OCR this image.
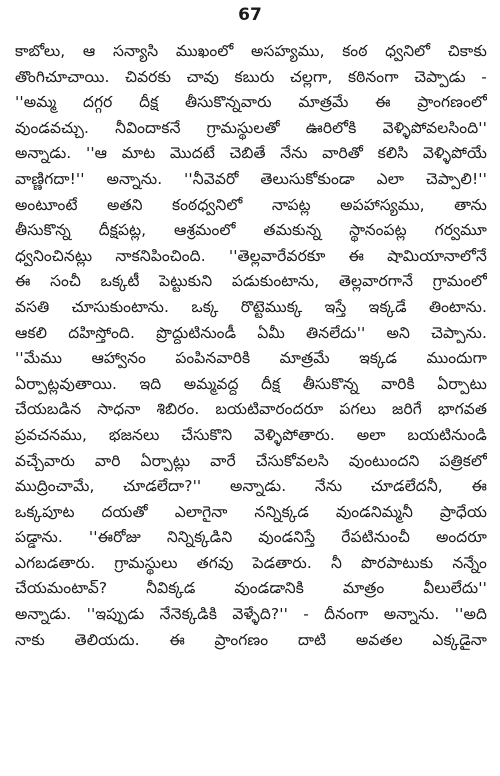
67
కాబోలు, ఆ సన్యాసి ముఖంలో అసహ్యము, కంఠ ధ్వనిలో చికాకు
తొంగిచూచాయి. చివరకు చావు కబురు చల్లగా, కఠినంగా చెప్పాడు -
''అమ్మ దగ్గర దీక్ష తీసుకొన్నవారు మాత్రమే ఈ ప్రాంగణంలో
వుండవచ్చు. నీవిందాకనే గ్రామస్థులతో ఊరిలోకి వెళ్ళిపోవలసింది''
అన్నాడు. ''ఆ మాట మొదటే చెబితే నేను వారితో కలిసి వెళ్ళిపోయే
వాణ్ణిగదా!'' అన్నాను. ''నీవెవరో తెలుసుకోకుండా ఎలా చెప్పాలి!''
అంటూంటే అతని కంఠధ్వనిలో నాపట్ల అపహాస్యము, తాను
తీసుకొన్న దీక్షపట్ల, ఆశ్రమంలో తమకున్న స్థానంపట్ల గర్వమూ
ధ్వనించినట్లు నాకనిపించింది. ''తెల్లవారేవరకూ ఈ షామియానాలోనే
ఈ సంచీ ఒక్కటీ పెట్టుకుని పడుకుంటాను, తెల్లవారగానే గ్రామంలో
వసతి చూసుకుంటాను. ఒక్క రొట్టెముక్క ఇస్తే ఇక్కడే తింటాను.
ఆకలి దహిస్తోంది. ప్రొద్దుటినుండీ ఏమీ తినలేదు'' అని చెప్పాను.
''మేము ఆహ్వానం పంపినవారికి మాత్రమే ఇక్కడ ముందుగా
ఏర్పాట్లవుతాయి. ఇది అమ్మవద్ద దీక్ష తీసుకొన్న వారికి ఏర్పాటు
చేయబడిన సాధనా శిబిరం. బయటివారందరూ పగలు జరిగే భాగవత
ప్రవచనము, భజనలు చేసుకొని వెళ్ళిపోతారు. అలా బయటినుండి
వచ్చేవారు వారి ఏర్పాట్లు వారే చేసుకోవలసి వుంటుందని పత్రికలో
ముద్రించామే, చూడలేదా?'' అన్నాడు. నేను చూడలేదనీ, ఈ
ఒక్కపూట దయతో ఎలాగైనా నన్నిక్కడ వుండనిమ్మనీ ప్రాధేయ
పడ్డాను. ''ఈరోజు నిన్నిక్కడిని వుండనిస్తే రేపటినుంచీ అందరూ
ఎగబడతారు. గ్రామస్థులు తగవు పెడతారు. నీ పొరపాటుకు నన్నేం
చేయమంటావ్? నీవిక్కడ వుండడానికి మాత్రం వీలులేదు''
అన్నాడు. ''ఇప్పుడు నేనెక్కడికి వెళ్ళేది?'' - దీనంగా అన్నాను. ''అది
నాకు తెలియదు. ఈ ప్రాంగణం దాటి అవతల ఎక్కడైనా
